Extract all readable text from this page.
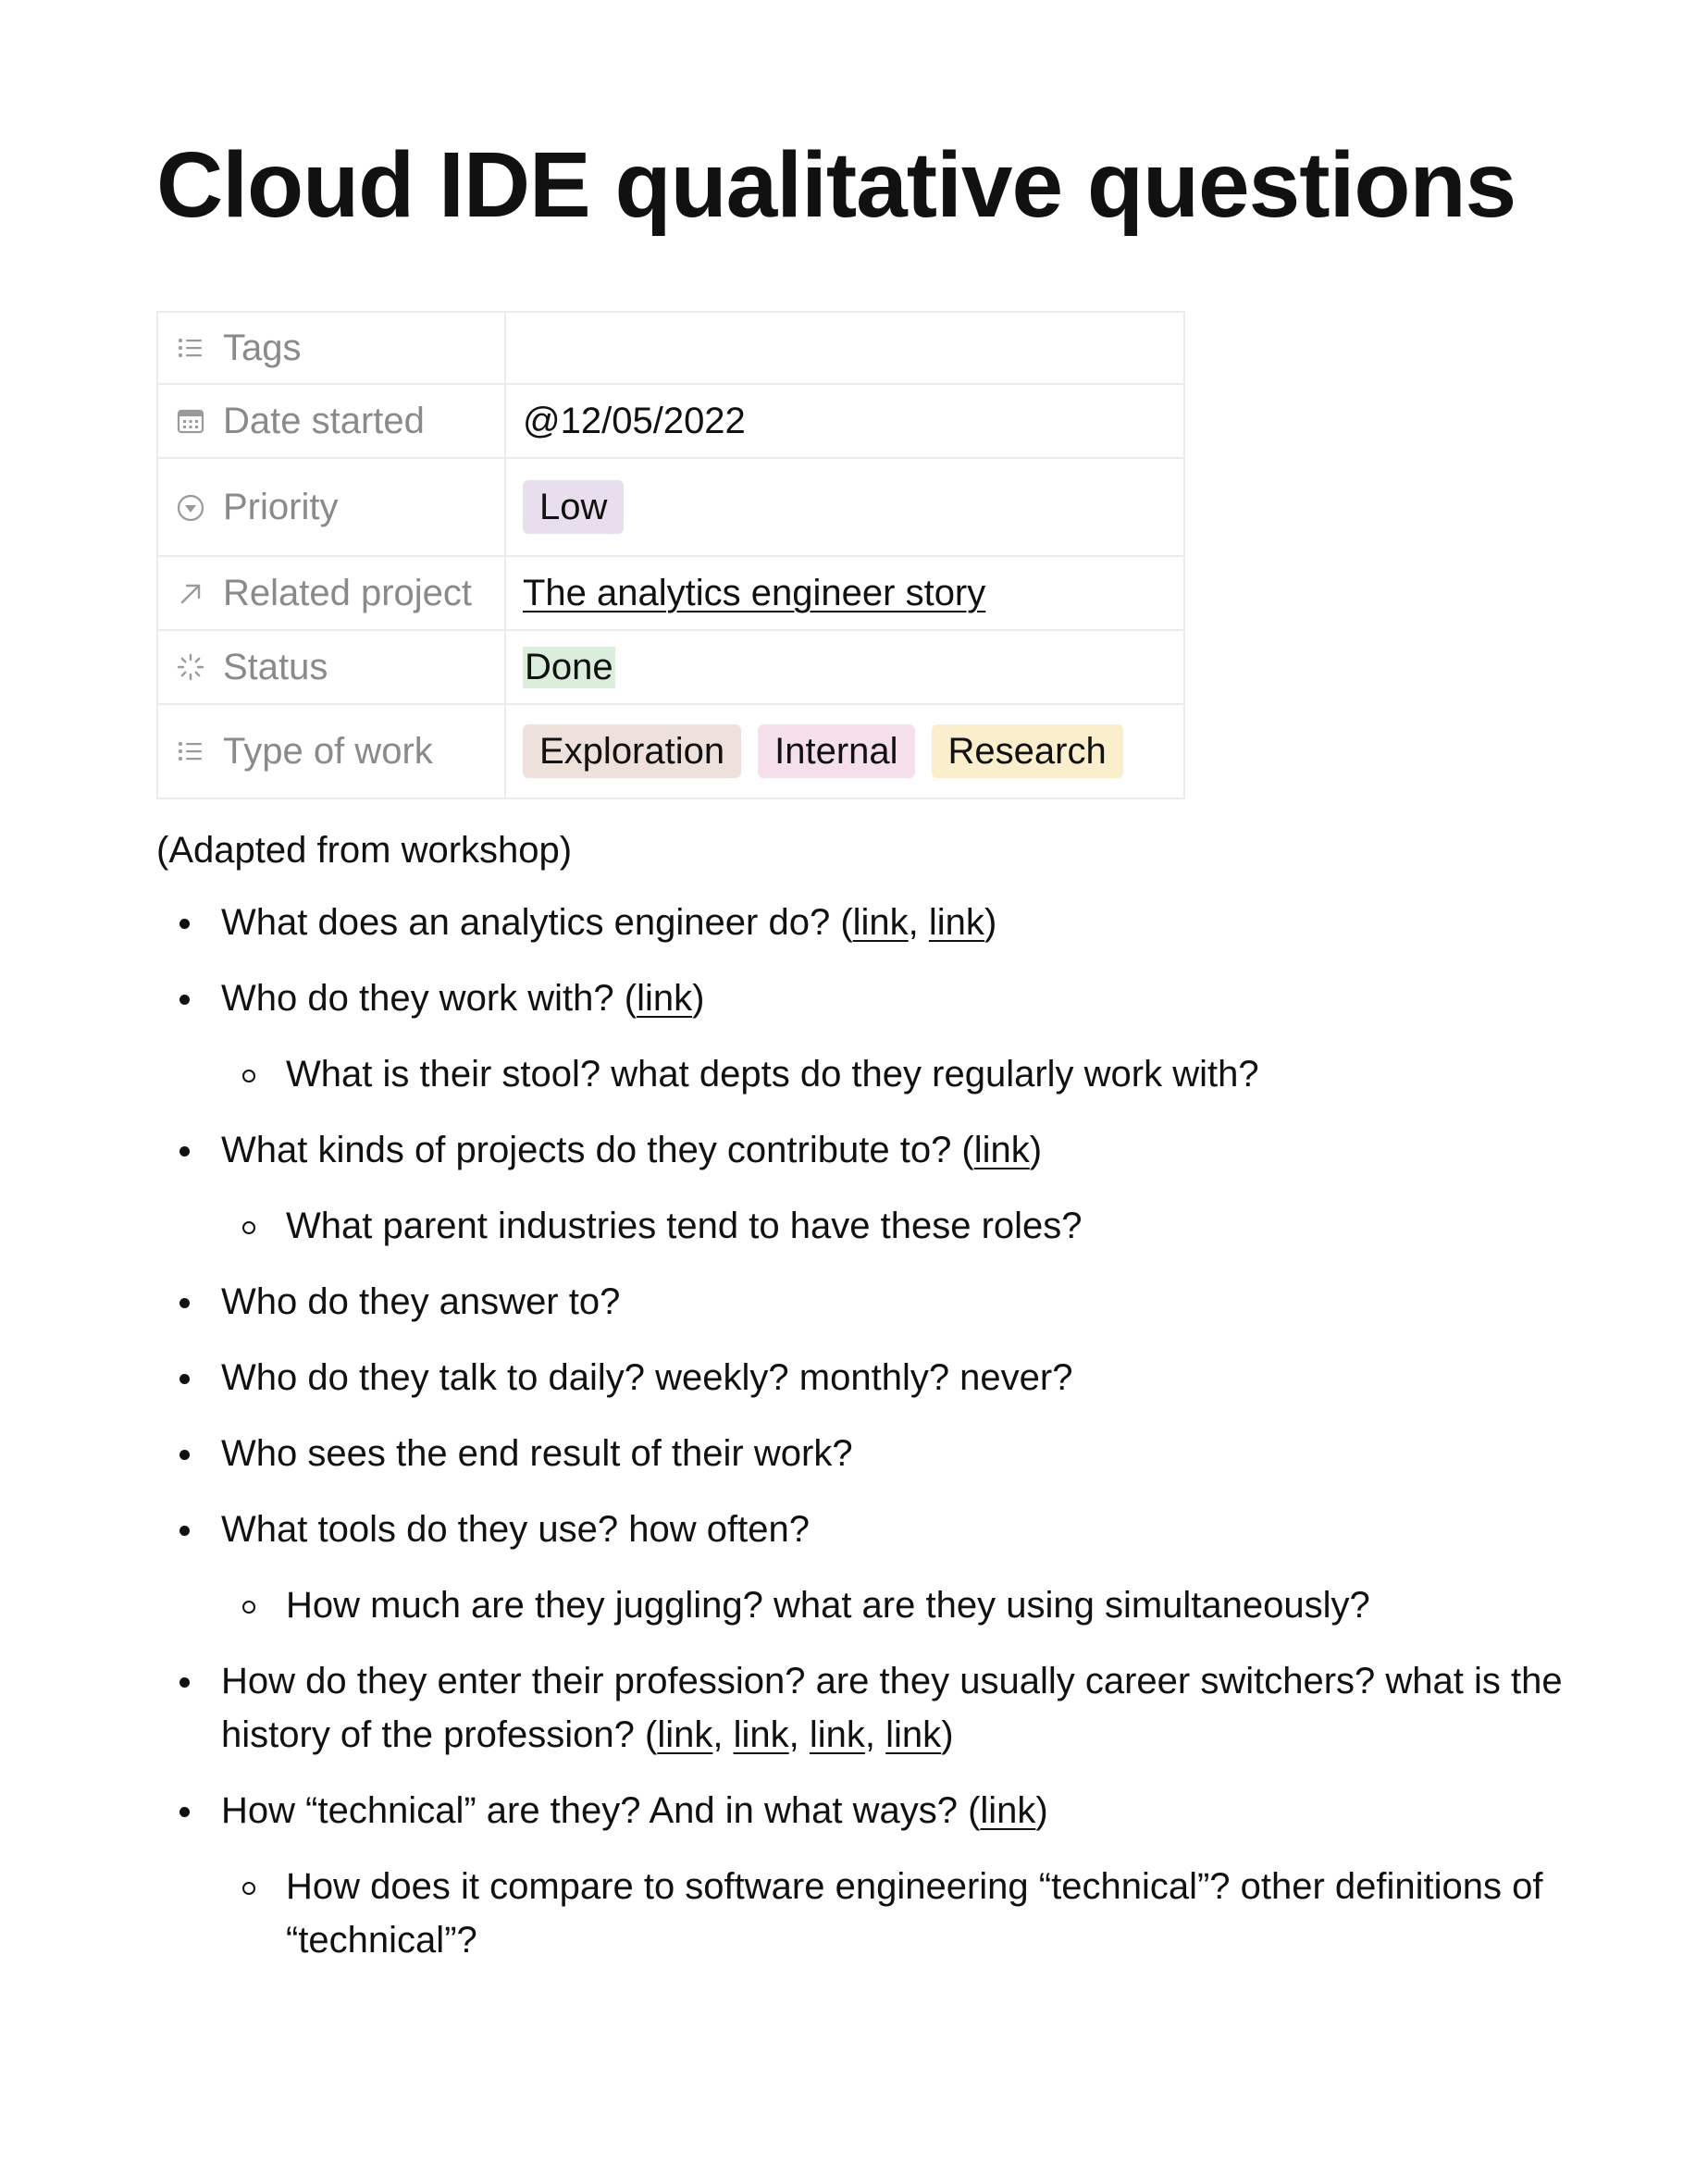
Cloud IDE qualitative questions
Tags	

Date started	@12/05/2022

Priority	Low

Related project	The analytics engineer story

Status	Done

Type of work	Exploration Internal Research

(Adapted from workshop)

What does an analytics engineer do? (link, link)
Who do they work with? (link)
What is their stool? what depts do they regularly work with?
What kinds of projects do they contribute to? (link)
What parent industries tend to have these roles?
Who do they answer to?
Who do they talk to daily? weekly? monthly? never?
Who sees the end result of their work?
What tools do they use? how often?
How much are they juggling? what are they using simultaneously?
How do they enter their profession? are they usually career switchers? what is the history of the profession? (link, link, link, link)
How “technical” are they? And in what ways? (link)
How does it compare to software engineering “technical”? other definitions of “technical”?
